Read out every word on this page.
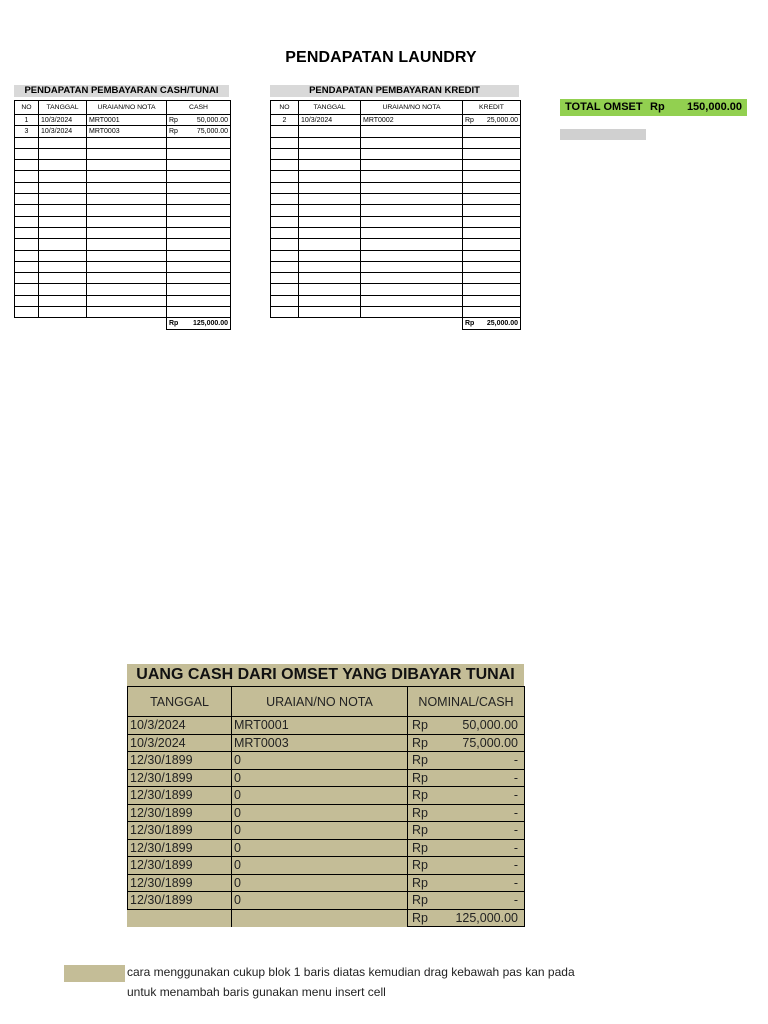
PENDAPATAN LAUNDRY
PENDAPATAN PEMBAYARAN CASH/TUNAI
NO	TANGGAL	URAIAN/NO NOTA	CASH
1	10/3/2024	MRT0001	Rp 50,000.00

3	10/3/2024	MRT0003	Rp 75,000.00

			Rp 125,000.00
PENDAPATAN PEMBAYARAN KREDIT
NO	TANGGAL	URAIAN/NO NOTA	KREDIT
2	10/3/2024	MRT0002	Rp 25,000.00

			Rp 25,000.00
TOTAL OMSET Rp 150,000.00
UANG CASH DARI OMSET YANG DIBAYAR TUNAI
TANGGAL	URAIAN/NO NOTA	NOMINAL/CASH
10/3/2024	MRT0001	Rp 50,000.00

10/3/2024	MRT0003	Rp 75,000.00

12/30/1899	0	Rp -

12/30/1899	0	Rp -

12/30/1899	0	Rp -

12/30/1899	0	Rp -

12/30/1899	0	Rp -

12/30/1899	0	Rp -

12/30/1899	0	Rp -

12/30/1899	0	Rp -

12/30/1899	0	Rp -

		Rp 125,000.00
cara menggunakan cukup blok 1 baris diatas kemudian drag kebawah pas kan pada
untuk menambah baris gunakan menu insert cell
